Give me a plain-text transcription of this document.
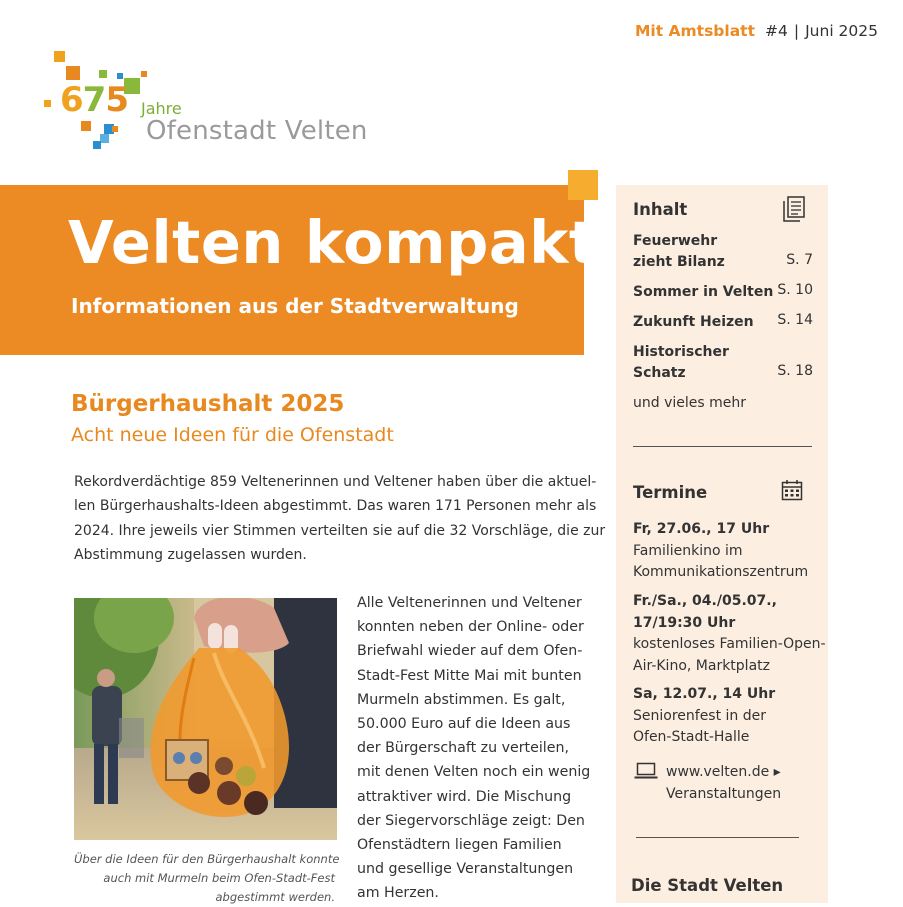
Mit Amtsblatt #4 | Juni 2025
675 Jahre
Ofenstadt Velten
Velten kompakt
Informationen aus der Stadtverwaltung
Bürgerhaushalt 2025
Acht neue Ideen für die Ofenstadt
Rekordverdächtige 859 Veltenerinnen und Veltener haben über die aktuel-
len Bürgerhaushalts-Ideen abgestimmt. Das waren 171 Personen mehr als
2024. Ihre jeweils vier Stimmen verteilten sie auf die 32 Vorschläge, die zur
Abstimmung zugelassen wurden.
Über die Ideen für den Bürgerhaushalt konnte
auch mit Murmeln beim Ofen-Stadt-Fest
abgestimmt werden.
Alle Veltenerinnen und Veltener
konnten neben der Online- oder
Briefwahl wieder auf dem Ofen-
Stadt-Fest Mitte Mai mit bunten
Murmeln abstimmen. Es galt,
50.000 Euro auf die Ideen aus
der Bürgerschaft zu verteilen,
mit denen Velten noch ein wenig
attraktiver wird. Die Mischung
der Siegervorschläge zeigt: Den
Ofenstädtern liegen Familien
und gesellige Veranstaltungen
am Herzen.
Inhalt
Feuerwehr
zieht Bilanz	S. 7
Sommer in Velten S. 10
Zukunft Heizen	S. 14
Historischer
Schatz	S. 18
und vieles mehr
Termine
Fr, 27.06., 17 Uhr
Familienkino im
Kommunikationszentrum
Fr./Sa., 04./05.07.,
17/19:30 Uhr
kostenloses Familien-Open-
Air-Kino, Marktplatz
Sa, 12.07., 14 Uhr
Seniorenfest in der
Ofen-Stadt-Halle
www.velten.de ▸
Veranstaltungen
Die Stadt Velten
